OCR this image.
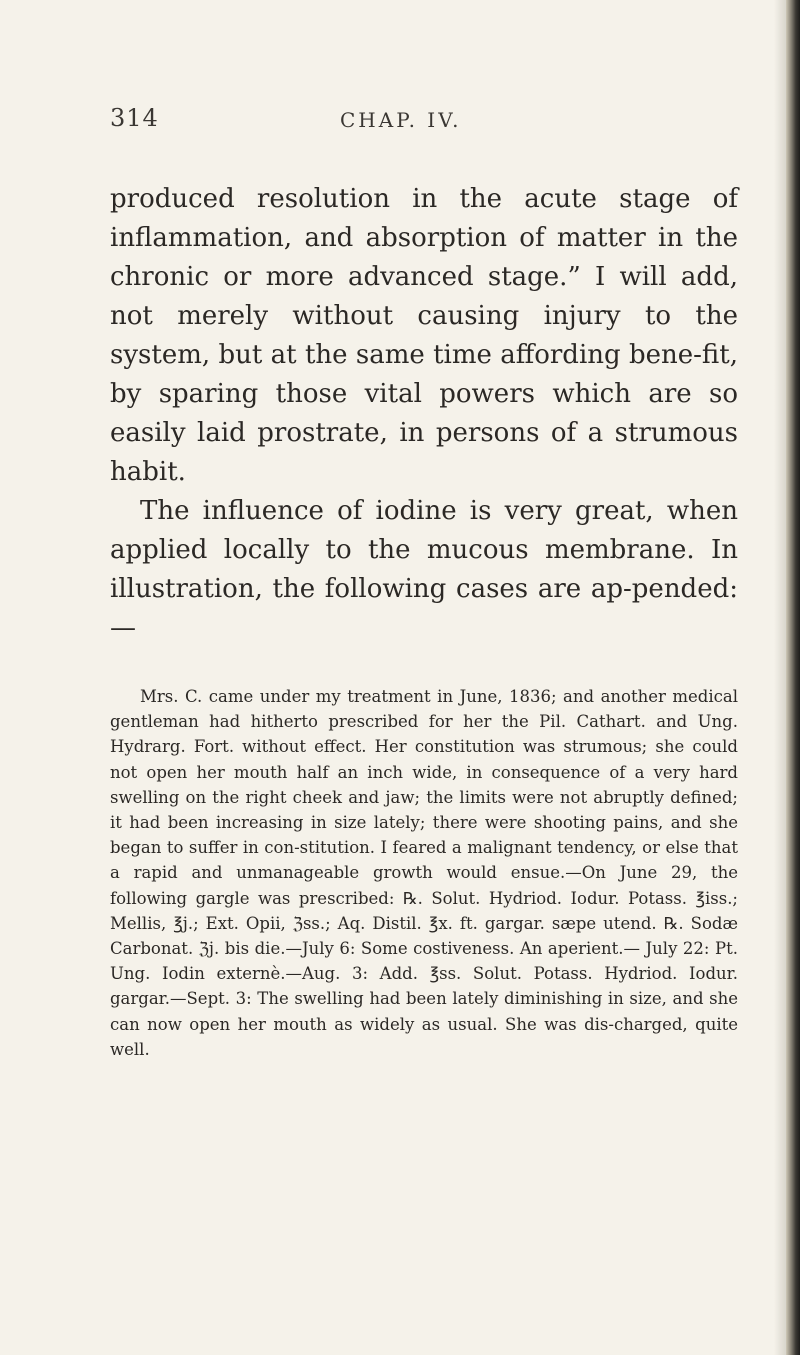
314	CHAP. IV.

produced resolution in the acute stage of inflammation, and absorption of matter in the chronic or more advanced stage.” I will add, not merely without causing injury to the system, but at the same time affording bene-fit, by sparing those vital powers which are so easily laid prostrate, in persons of a strumous habit.

The influence of iodine is very great, when applied locally to the mucous membrane. In illustration, the following cases are ap-pended:—

Mrs. C. came under my treatment in June, 1836; and another medical gentleman had hitherto prescribed for her the Pil. Cathart. and Ung. Hydrarg. Fort. without effect. Her constitution was strumous; she could not open her mouth half an inch wide, in consequence of a very hard swelling on the right cheek and jaw; the limits were not abruptly defined; it had been increasing in size lately; there were shooting pains, and she began to suffer in con-stitution. I feared a malignant tendency, or else that a rapid and unmanageable growth would ensue.—On June 29, the following gargle was prescribed: ℞. Solut. Hydriod. Iodur. Potass. ℥iss.; Mellis, ℥j.; Ext. Opii, ℨss.; Aq. Distil. ℥x. ft. gargar. sæpe utend. ℞. Sodæ Carbonat. ℨj. bis die.—July 6: Some costiveness. An aperient.— July 22: Pt. Ung. Iodin externè.—Aug. 3: Add. ℥ss. Solut. Potass. Hydriod. Iodur. gargar.—Sept. 3: The swelling had been lately diminishing in size, and she can now open her mouth as widely as usual. She was dis-charged, quite well.
